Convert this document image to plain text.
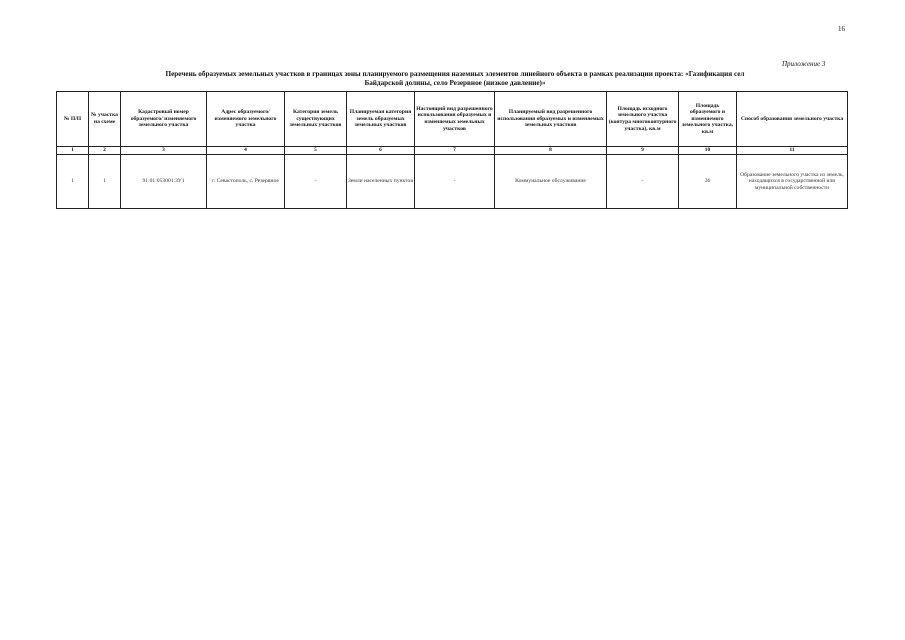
16
Приложение 3
Перечень образуемых земельных участков в границах зоны планируемого размещения наземных элементов линейного объекта в рамках реализации проекта: «Газификация сел
Байдарской долины, село Резервное (низкое давление)»
№ П/П	№ участка на схеме	Кадастровый номер образуемого/ изменяемого земельного участка	Адрес образуемого/ изменяемого земельного участка	Категория земель существующих земельных участков	Планируемая категория земель образуемых земельных участков	Настоящий вид разрешенного использования образуемых и изменяемых земельных участков	Планируемый вид разрешенного использования образуемых и изменяемых земельных участков	Площадь исходного земельного участка (контура многоконтурного участка), кв.м	Площадь образуемого и изменяемого земельного участка, кв.м	Способ образования земельного участка
1	2	3	4	5	6	7	8	9	10	11
1	1	91:01:053001:ЗУ1	г. Севастополь, с. Резервное	-	Земли населенных пунктов	-	Коммунальное обслуживание	-	36	Образование земельного участка из земель, находящихся в государственной или муниципальной собственности
